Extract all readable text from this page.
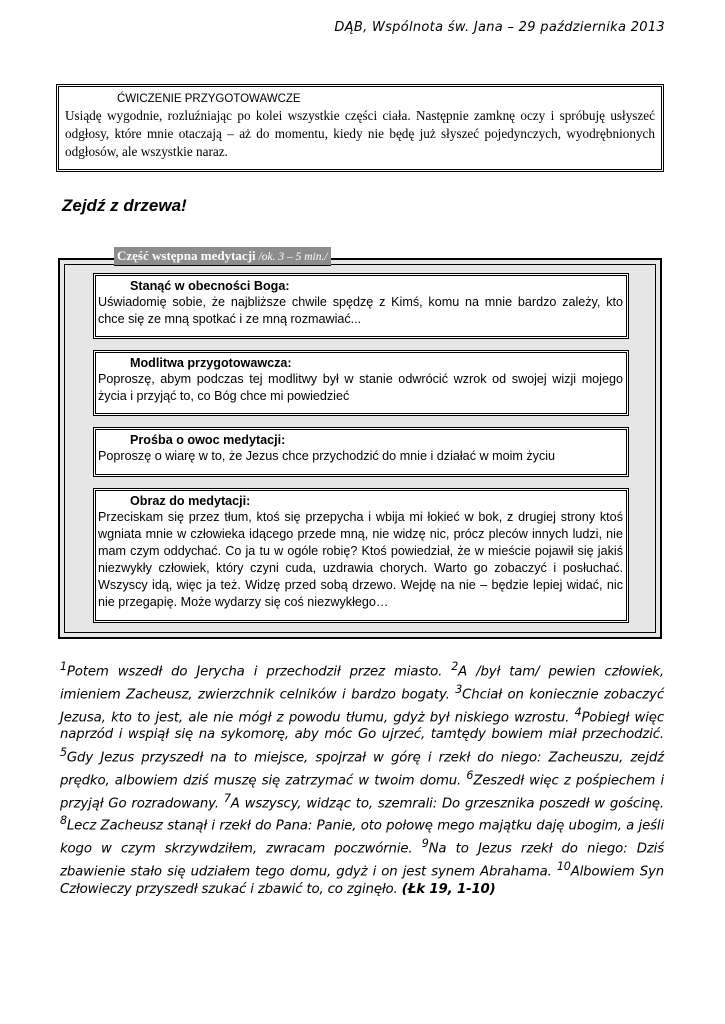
DĄB, Wspólnota św. Jana – 29 października 2013
ĆWICZENIE PRZYGOTOWAWCZE
Usiądę wygodnie, rozluźniając po kolei wszystkie części ciała. Następnie zamknę oczy i spróbuję usłyszeć odgłosy, które mnie otaczają – aż do momentu, kiedy nie będę już słyszeć pojedynczych, wyodrębnionych odgłosów, ale wszystkie naraz.
Zejdź z drzewa!
Część wstępna medytacji /ok. 3 – 5 min./
Stanąć w obecności Boga:
Uświadomię sobie, że najbliższe chwile spędzę z Kimś, komu na mnie bardzo zależy, kto chce się ze mną spotkać i ze mną rozmawiać...
Modlitwa przygotowawcza:
Poproszę, abym podczas tej modlitwy był w stanie odwrócić wzrok od swojej wizji mojego życia i przyjąć to, co Bóg chce mi powiedzieć
Prośba o owoc medytacji:
Poproszę o wiarę w to, że Jezus chce przychodzić do mnie i działać w moim życiu
Obraz do medytacji:
Przeciskam się przez tłum, ktoś się przepycha i wbija mi łokieć w bok, z drugiej strony ktoś wgniata mnie w człowieka idącego przede mną, nie widzę nic, prócz pleców innych ludzi, nie mam czym oddychać. Co ja tu w ogóle robię? Ktoś powiedział, że w mieście pojawił się jakiś niezwykły człowiek, który czyni cuda, uzdrawia chorych. Warto go zobaczyć i posłuchać. Wszyscy idą, więc ja też. Widzę przed sobą drzewo. Wejdę na nie – będzie lepiej widać, nic nie przegapię. Może wydarzy się coś niezwykłego…
$^1$Potem wszedł do Jerycha i przechodził przez miasto. $^2$A /był tam/ pewien człowiek, imieniem Zacheusz, zwierzchnik celników i bardzo bogaty. $^3$Chciał on koniecznie zobaczyć Jezusa, kto to jest, ale nie mógł z powodu tłumu, gdyż był niskiego wzrostu. $^4$Pobiegł więc naprzód i wspiął się na sykomorę, aby móc Go ujrzeć, tamtędy bowiem miał przechodzić. $^5$Gdy Jezus przyszedł na to miejsce, spojrzał w górę i rzekł do niego: Zacheuszu, zejdź prędko, albowiem dziś muszę się zatrzymać w twoim domu. $^6$Zeszedł więc z pośpiechem i przyjął Go rozradowany. $^7$A wszyscy, widząc to, szemrali: Do grzesznika poszedł w gościnę. $^8$Lecz Zacheusz stanął i rzekł do Pana: Panie, oto połowę mego majątku daję ubogim, a jeśli kogo w czym skrzywdziłem, zwracam poczwórnie. $^9$Na to Jezus rzekł do niego: Dziś zbawienie stało się udziałem tego domu, gdyż i on jest synem Abrahama. $^{10}$Albowiem Syn Człowieczy przyszedł szukać i zbawić to, co zginęło. (Łk 19, 1-10)
